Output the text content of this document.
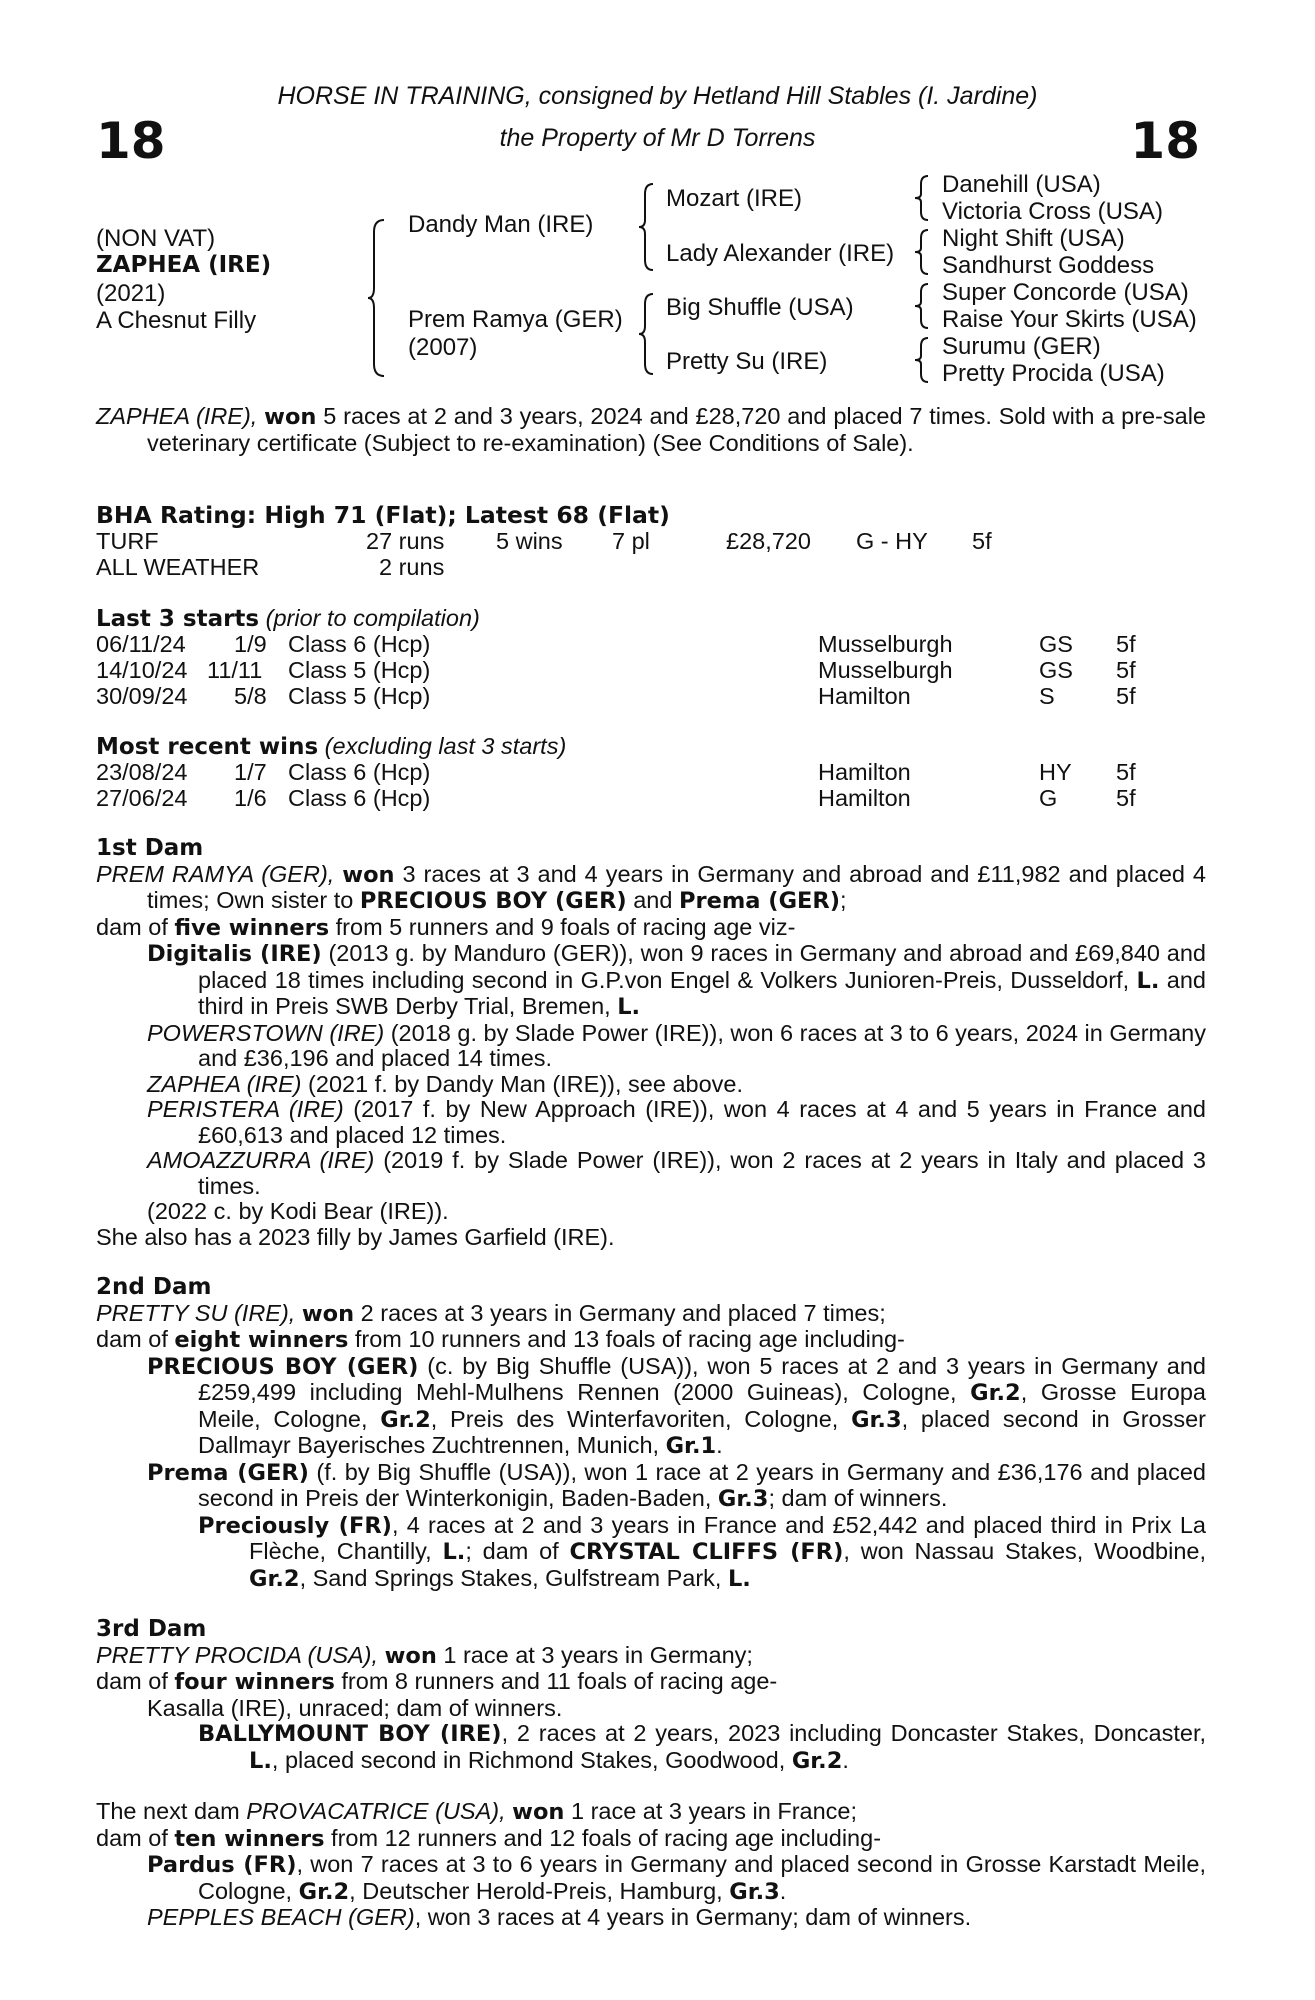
18	18
HORSE IN TRAINING, consigned by Hetland Hill Stables (I. Jardine)
the Property of Mr D Torrens
(NON VAT)
ZAPHEA (IRE)
(2021)
A Chesnut Filly
Dandy Man (IRE)
Prem Ramya (GER)
(2007)
Mozart (IRE)
Lady Alexander (IRE)
Big Shuffle (USA)
Pretty Su (IRE)
Danehill (USA)
Victoria Cross (USA)
Night Shift (USA)
Sandhurst Goddess
Super Concorde (USA)
Raise Your Skirts (USA)
Surumu (GER)
Pretty Procida (USA)

ZAPHEA (IRE), won 5 races at 2 and 3 years, 2024 and £28,720 and placed 7 times. Sold with a pre-sale veterinary certificate (Subject to re-examination) (See Conditions of Sale).

BHA Rating: High 71 (Flat); Latest 68 (Flat)
TURF	27 runs 5 wins 7 pl	£28,720 G - HY 5f
ALL WEATHER	2 runs
Last 3 starts (prior to compilation)
06/11/24 1/9 Class 6 (Hcp)	Musselburgh	GS 5f
14/10/24 11/11 Class 5 (Hcp)	Musselburgh	GS 5f
30/09/24 5/8 Class 5 (Hcp)	Hamilton	S	5f
Most recent wins (excluding last 3 starts)
23/08/24 1/7 Class 6 (Hcp)	Hamilton	HY 5f
27/06/24 1/6 Class 6 (Hcp)	Hamilton	G 5f

1st Dam

PREM RAMYA (GER), won 3 races at 3 and 4 years in Germany and abroad and £11,982 and placed 4 times; Own sister to PRECIOUS BOY (GER) and Prema (GER);

dam of five winners from 5 runners and 9 foals of racing age viz-

Digitalis (IRE) (2013 g. by Manduro (GER)), won 9 races in Germany and abroad and £69,840 and placed 18 times including second in G.P.von Engel & Volkers Junioren-Preis, Dusseldorf, L. and third in Preis SWB Derby Trial, Bremen, L.

POWERSTOWN (IRE) (2018 g. by Slade Power (IRE)), won 6 races at 3 to 6 years, 2024 in Germany and £36,196 and placed 14 times.

ZAPHEA (IRE) (2021 f. by Dandy Man (IRE)), see above.

PERISTERA (IRE) (2017 f. by New Approach (IRE)), won 4 races at 4 and 5 years in France and £60,613 and placed 12 times.

AMOAZZURRA (IRE) (2019 f. by Slade Power (IRE)), won 2 races at 2 years in Italy and placed 3 times.

(2022 c. by Kodi Bear (IRE)).

She also has a 2023 filly by James Garfield (IRE).

2nd Dam

PRETTY SU (IRE), won 2 races at 3 years in Germany and placed 7 times;

dam of eight winners from 10 runners and 13 foals of racing age including-

PRECIOUS BOY (GER) (c. by Big Shuffle (USA)), won 5 races at 2 and 3 years in Germany and £259,499 including Mehl-Mulhens Rennen (2000 Guineas), Cologne, Gr.2, Grosse Europa Meile, Cologne, Gr.2, Preis des Winterfavoriten, Cologne, Gr.3, placed second in Grosser Dallmayr Bayerisches Zuchtrennen, Munich, Gr.1.

Prema (GER) (f. by Big Shuffle (USA)), won 1 race at 2 years in Germany and £36,176 and placed second in Preis der Winterkonigin, Baden-Baden, Gr.3; dam of winners.

Preciously (FR), 4 races at 2 and 3 years in France and £52,442 and placed third in Prix La Flèche, Chantilly, L.; dam of CRYSTAL CLIFFS (FR), won Nassau Stakes, Woodbine, Gr.2, Sand Springs Stakes, Gulfstream Park, L.

3rd Dam

PRETTY PROCIDA (USA), won 1 race at 3 years in Germany;

dam of four winners from 8 runners and 11 foals of racing age-

Kasalla (IRE), unraced; dam of winners.

BALLYMOUNT BOY (IRE), 2 races at 2 years, 2023 including Doncaster Stakes, Doncaster, L., placed second in Richmond Stakes, Goodwood, Gr.2.

The next dam PROVACATRICE (USA), won 1 race at 3 years in France;

dam of ten winners from 12 runners and 12 foals of racing age including-

Pardus (FR), won 7 races at 3 to 6 years in Germany and placed second in Grosse Karstadt Meile, Cologne, Gr.2, Deutscher Herold-Preis, Hamburg, Gr.3.

PEPPLES BEACH (GER), won 3 races at 4 years in Germany; dam of winners.
